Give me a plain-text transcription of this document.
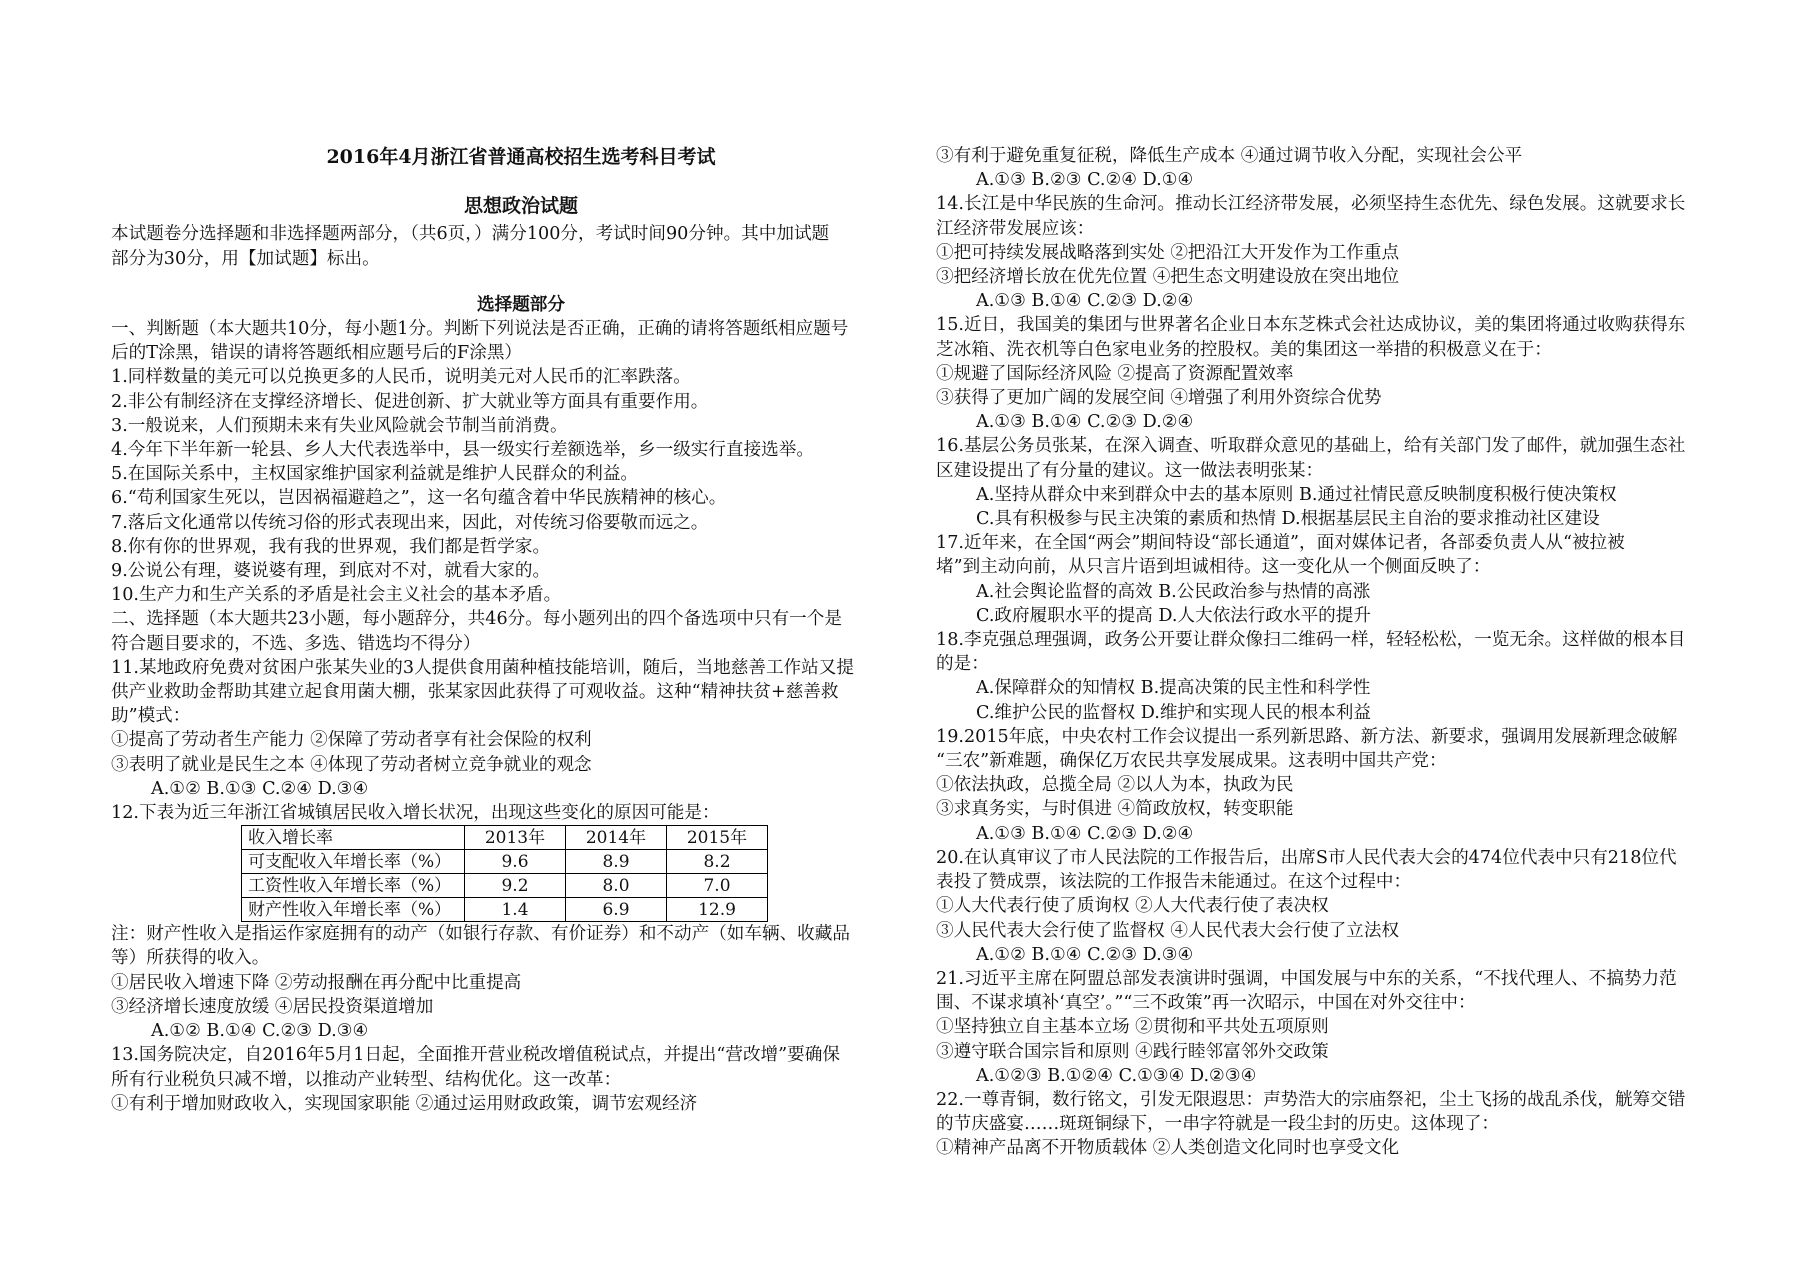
2016年4月浙江省普通高校招生选考科目考试
思想政治试题
本试题卷分选择题和非选择题两部分，（共6页，）满分100分，考试时间90分钟。其中加试题
部分为30分，用【加试题】标出。
选择题部分
一、判断题（本大题共10分，每小题1分。判断下列说法是否正确，正确的请将答题纸相应题号
后的T涂黑，错误的请将答题纸相应题号后的F涂黑）
1.同样数量的美元可以兑换更多的人民币，说明美元对人民币的汇率跌落。
2.非公有制经济在支撑经济增长、促进创新、扩大就业等方面具有重要作用。
3.一般说来，人们预期未来有失业风险就会节制当前消费。
4.今年下半年新一轮县、乡人大代表选举中，县一级实行差额选举，乡一级实行直接选举。
5.在国际关系中，主权国家维护国家利益就是维护人民群众的利益。
6.“苟利国家生死以，岂因祸福避趋之”，这一名句蕴含着中华民族精神的核心。
7.落后文化通常以传统习俗的形式表现出来，因此，对传统习俗要敬而远之。
8.你有你的世界观，我有我的世界观，我们都是哲学家。
9.公说公有理，婆说婆有理，到底对不对，就看大家的。
10.生产力和生产关系的矛盾是社会主义社会的基本矛盾。
二、选择题（本大题共23小题，每小题辞分，共46分。每小题列出的四个备选项中只有一个是
符合题目要求的，不选、多选、错选均不得分）
11.某地政府免费对贫困户张某失业的3人提供食用菌种植技能培训，随后，当地慈善工作站又提
供产业救助金帮助其建立起食用菌大棚，张某家因此获得了可观收益。这种“精神扶贫+慈善救
助”模式：
①提高了劳动者生产能力 ②保障了劳动者享有社会保险的权利
③表明了就业是民生之本 ④体现了劳动者树立竞争就业的观念
A.①② B.①③ C.②④ D.③④
12.下表为近三年浙江省城镇居民收入增长状况，出现这些变化的原因可能是：
收入增长率	2013年	2014年	2015年
可支配收入年增长率（%）	9.6	8.9	8.2
工资性收入年增长率（%）	9.2	8.0	7.0
财产性收入年增长率（%）	1.4	6.9	12.9
注：财产性收入是指运作家庭拥有的动产（如银行存款、有价证券）和不动产（如车辆、收藏品
等）所获得的收入。
①居民收入增速下降 ②劳动报酬在再分配中比重提高
③经济增长速度放缓 ④居民投资渠道增加
A.①② B.①④ C.②③ D.③④
13.国务院决定，自2016年5月1日起，全面推开营业税改增值税试点，并提出“营改增”要确保
所有行业税负只减不增，以推动产业转型、结构优化。这一改革：
①有利于增加财政收入，实现国家职能 ②通过运用财政政策，调节宏观经济
③有利于避免重复征税，降低生产成本 ④通过调节收入分配，实现社会公平
A.①③ B.②③ C.②④ D.①④
14.长江是中华民族的生命河。推动长江经济带发展，必须坚持生态优先、绿色发展。这就要求长
江经济带发展应该：
①把可持续发展战略落到实处 ②把沿江大开发作为工作重点
③把经济增长放在优先位置 ④把生态文明建设放在突出地位
A.①③ B.①④ C.②③ D.②④
15.近日，我国美的集团与世界著名企业日本东芝株式会社达成协议，美的集团将通过收购获得东
芝冰箱、洗衣机等白色家电业务的控股权。美的集团这一举措的积极意义在于：
①规避了国际经济风险 ②提高了资源配置效率
③获得了更加广阔的发展空间 ④增强了利用外资综合优势
A.①③ B.①④ C.②③ D.②④
16.基层公务员张某，在深入调查、听取群众意见的基础上，给有关部门发了邮件，就加强生态社
区建设提出了有分量的建议。这一做法表明张某：
A.坚持从群众中来到群众中去的基本原则 B.通过社情民意反映制度积极行使决策权
C.具有积极参与民主决策的素质和热情 D.根据基层民主自治的要求推动社区建设
17.近年来，在全国“两会”期间特设“部长通道”，面对媒体记者，各部委负责人从“被拉被
堵”到主动向前，从只言片语到坦诚相待。这一变化从一个侧面反映了：
A.社会舆论监督的高效 B.公民政治参与热情的高涨
C.政府履职水平的提高 D.人大依法行政水平的提升
18.李克强总理强调，政务公开要让群众像扫二维码一样，轻轻松松，一览无余。这样做的根本目
的是：
A.保障群众的知情权 B.提高决策的民主性和科学性
C.维护公民的监督权 D.维护和实现人民的根本利益
19.2015年底，中央农村工作会议提出一系列新思路、新方法、新要求，强调用发展新理念破解
“三农”新难题，确保亿万农民共享发展成果。这表明中国共产党：
①依法执政，总揽全局 ②以人为本，执政为民
③求真务实，与时俱进 ④简政放权，转变职能
A.①③ B.①④ C.②③ D.②④
20.在认真审议了市人民法院的工作报告后，出席S市人民代表大会的474位代表中只有218位代
表投了赞成票，该法院的工作报告未能通过。在这个过程中：
①人大代表行使了质询权 ②人大代表行使了表决权
③人民代表大会行使了监督权 ④人民代表大会行使了立法权
A.①② B.①④ C.②③ D.③④
21.习近平主席在阿盟总部发表演讲时强调，中国发展与中东的关系，“不找代理人、不搞势力范
围、不谋求填补‘真空’。”“三不政策”再一次昭示，中国在对外交往中：
①坚持独立自主基本立场 ②贯彻和平共处五项原则
③遵守联合国宗旨和原则 ④践行睦邻富邻外交政策
A.①②③ B.①②④ C.①③④ D.②③④
22.一尊青铜，数行铭文，引发无限遐思：声势浩大的宗庙祭祀，尘土飞扬的战乱杀伐，觥筹交错
的节庆盛宴……斑斑铜绿下，一串字符就是一段尘封的历史。这体现了：
①精神产品离不开物质载体 ②人类创造文化同时也享受文化
